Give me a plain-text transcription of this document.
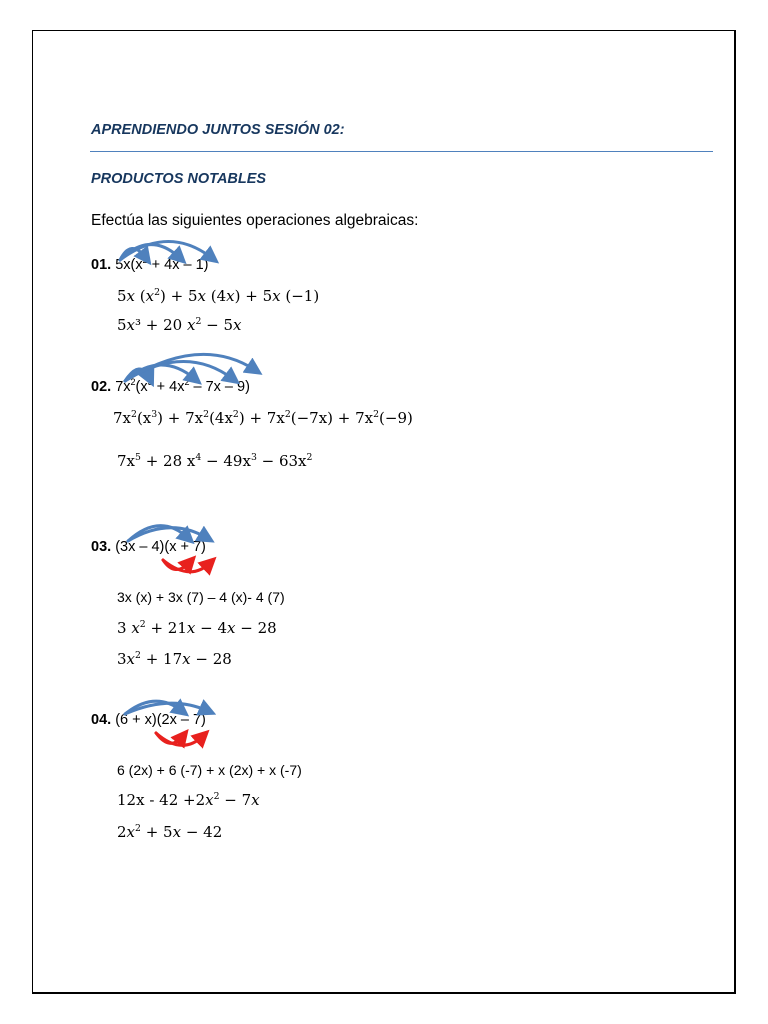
APRENDIENDO JUNTOS SESIÓN 02:
PRODUCTOS NOTABLES
Efectúa las siguientes operaciones algebraicas:
01. $5x(x^2 + 4x - 1)$
5x $(x^2) + 5x$ (4x) + 5x (−1)
5x³ + 20 $x^2 - 5x$
02. $7x^2(x^3 + 4x^2 - 7x - 9)$
$7x^2(x^3) + 7x^2(4x^2) + 7x^2(-7x) + 7x^2(-9)$
$7x^5 + 28$ $x^4 - 49x^3 - 63x^2$
03. (3x – 4)(x + 7)
3x (x) + 3x (7) – 4 (x)- 4 (7)
3 $x^2 + 21x - 4x - 28$
$3x^2 + 17x - 28$
04. (6 + x)(2x – 7)
6 (2x) + 6 (-7) + x (2x) + x (-7)
$12x - 42 +2x^2 - 7x$
$2x^2 + 5x - 42$
